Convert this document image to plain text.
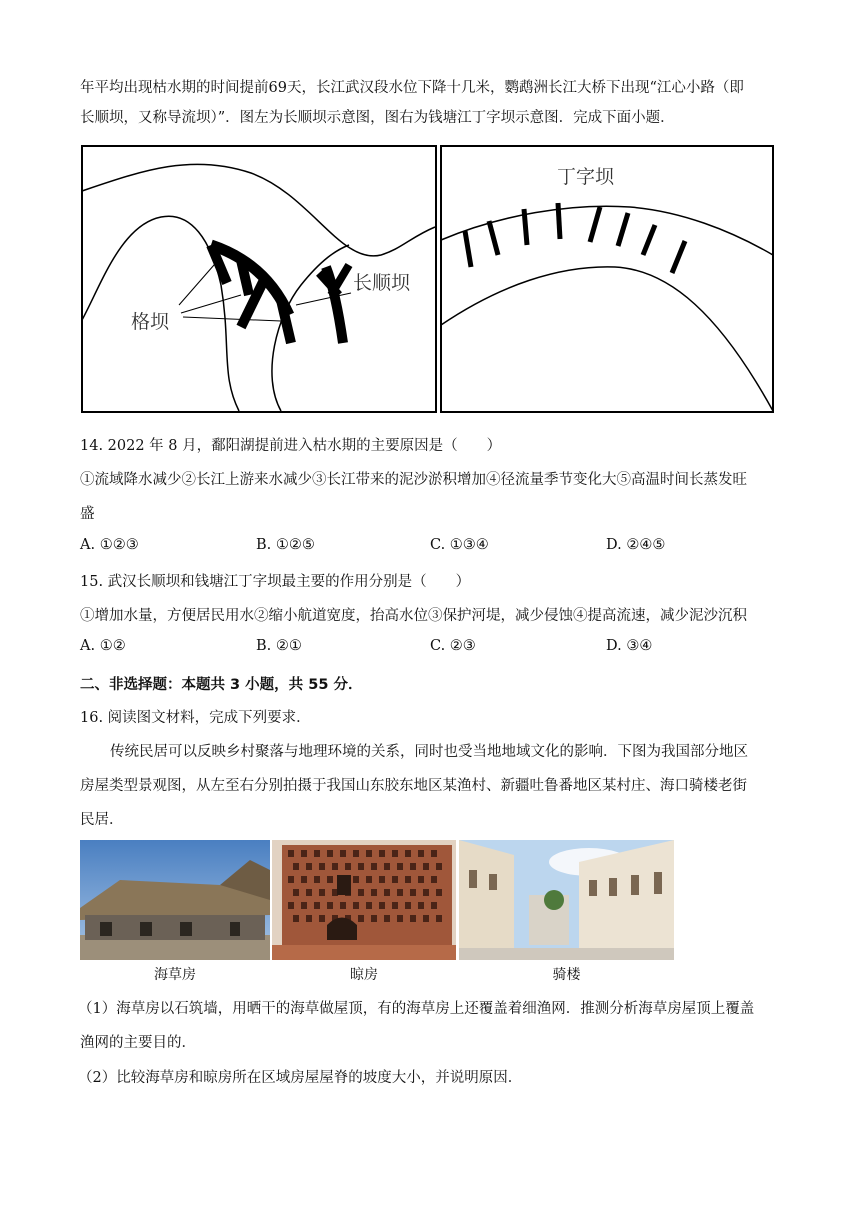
年平均出现枯水期的时间提前69天，长江武汉段水位下降十几米，鹦鹉洲长江大桥下出现“江心小路（即
长顺坝，又称导流坝）”．图左为长顺坝示意图，图右为钱塘江丁字坝示意图．完成下面小题．
格坝
长顺坝
丁字坝
14. 2022 年 8 月，鄱阳湖提前进入枯水期的主要原因是（　　）
①流域降水减少②长江上游来水减少③长江带来的泥沙淤积增加④径流量季节变化大⑤高温时间长蒸发旺
盛
A. ①②③	B. ①②⑤	C. ①③④	D. ②④⑤
15. 武汉长顺坝和钱塘江丁字坝最主要的作用分别是（　　）
①增加水量，方便居民用水②缩小航道宽度，抬高水位③保护河堤，减少侵蚀④提高流速，减少泥沙沉积
A. ①②	B. ②①	C. ②③	D. ③④
二、非选择题：本题共 3 小题，共 55 分．
16. 阅读图文材料，完成下列要求．
传统民居可以反映乡村聚落与地理环境的关系，同时也受当地地域文化的影响．下图为我国部分地区
房屋类型景观图，从左至右分别拍摄于我国山东胶东地区某渔村、新疆吐鲁番地区某村庄、海口骑楼老街
民居．
海草房	晾房	骑楼
（1）海草房以石筑墙，用晒干的海草做屋顶，有的海草房上还覆盖着细渔网．推测分析海草房屋顶上覆盖
渔网的主要目的．
（2）比较海草房和晾房所在区域房屋屋脊的坡度大小，并说明原因．
